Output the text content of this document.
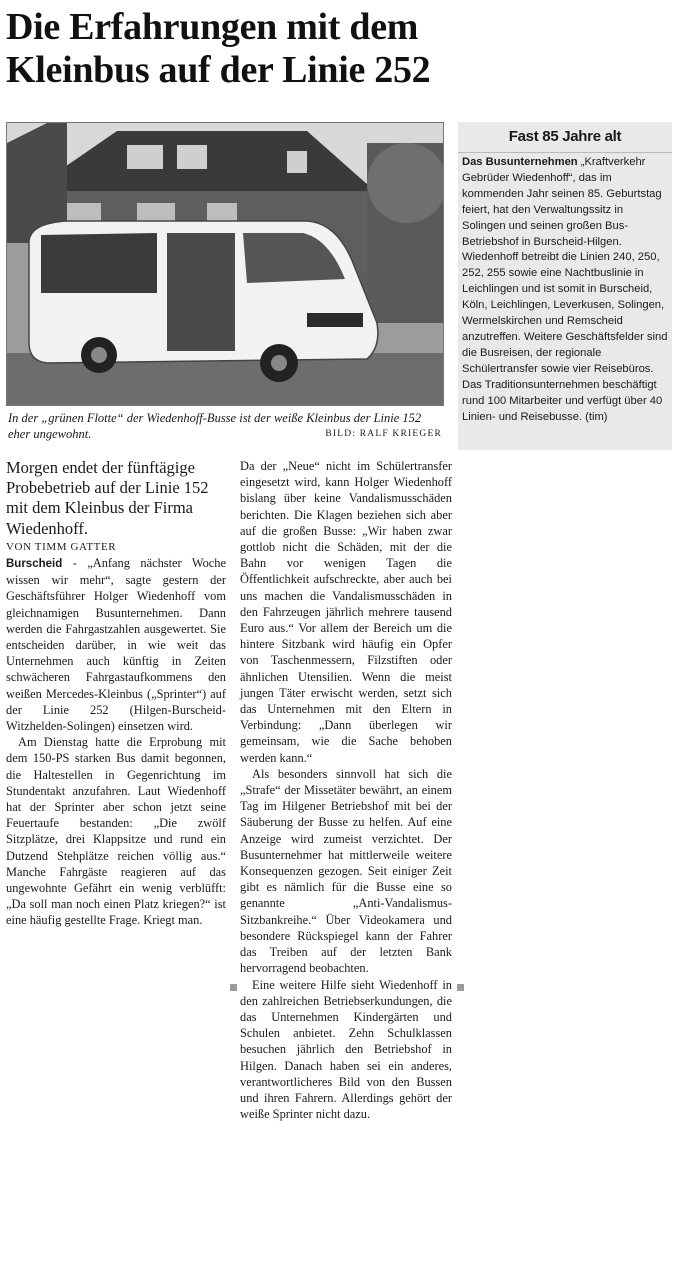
Die Erfahrungen mit dem Kleinbus auf der Linie 252
In der „grünen Flotte“ der Wiedenhoff-Busse ist der weiße Kleinbus der Linie 152 eher ungewohnt.	BILD: RALF KRIEGER
Fast 85 Jahre alt

Das Busunternehmen „Kraftverkehr Gebrüder Wiedenhoff“, das im kommenden Jahr seinen 85. Geburtstag feiert, hat den Verwaltungssitz in Solingen und seinen großen Bus-Betriebshof in Burscheid-Hilgen. Wiedenhoff betreibt die Linien 240, 250, 252, 255 sowie eine Nachtbuslinie in Leichlingen und ist somit in Burscheid, Köln, Leichlingen, Leverkusen, Solingen, Wermelskirchen und Remscheid anzutreffen. Weitere Geschäftsfelder sind die Busreisen, der regionale Schülertransfer sowie vier Reisebüros. Das Traditionsunternehmen beschäftigt rund 100 Mitarbeiter und verfügt über 40 Linien- und Reisebusse. (tim)

Morgen endet der fünftägige Probebetrieb auf der Linie 152 mit dem Kleinbus der Firma Wiedenhoff.

VON TIMM GATTER

Burscheid - „Anfang nächster Woche wissen wir mehr“, sagte gestern der Geschäftsführer Holger Wiedenhoff vom gleichnamigen Busunternehmen. Dann werden die Fahrgastzahlen ausgewertet. Sie entscheiden darüber, in wie weit das Unternehmen auch künftig in Zeiten schwächeren Fahrgastaufkommens den weißen Mercedes-Kleinbus („Sprinter“) auf der Linie 252 (Hilgen-Burscheid-Witzhelden-Solingen) einsetzen wird.

Am Dienstag hatte die Erprobung mit dem 150-PS starken Bus damit begonnen, die Haltestellen in Gegenrichtung im Stundentakt anzufahren. Laut Wiedenhoff hat der Sprinter aber schon jetzt seine Feuertaufe bestanden: „Die zwölf Sitzplätze, drei Klappsitze und rund ein Dutzend Stehplätze reichen völlig aus.“ Manche Fahrgäste reagieren auf das ungewohnte Gefährt ein wenig verblüfft: „Da soll man noch einen Platz kriegen?“ ist eine häufig gestellte Frage. Kriegt man.

Da der „Neue“ nicht im Schülertransfer eingesetzt wird, kann Holger Wiedenhoff bislang über keine Vandalismusschäden berichten. Die Klagen beziehen sich aber auf die großen Busse: „Wir haben zwar gottlob nicht die Schäden, mit der die Bahn vor wenigen Tagen die Öffentlichkeit aufschreckte, aber auch bei uns machen die Vandalismusschäden in den Fahrzeugen jährlich mehrere tausend Euro aus.“ Vor allem der Bereich um die hintere Sitzbank wird häufig ein Opfer von Taschenmessern, Filzstiften oder ähnlichen Utensilien. Wenn die meist jungen Täter erwischt werden, setzt sich das Unternehmen mit den Eltern in Verbindung: „Dann überlegen wir gemeinsam, wie die Sache behoben werden kann.“

Als besonders sinnvoll hat sich die „Strafe“ der Missetäter bewährt, an einem Tag im Hilgener Betriebshof mit bei der Säuberung der Busse zu helfen. Auf eine Anzeige wird zumeist verzichtet. Der Busunternehmer hat mittlerweile weitere Konsequenzen gezogen. Seit einiger Zeit gibt es nämlich für die Busse eine so genannte „Anti-Vandalismus-Sitzbankreihe.“ Über Videokamera und besondere Rückspiegel kann der Fahrer das Treiben auf der letzten Bank hervorragend beobachten.

Eine weitere Hilfe sieht Wiedenhoff in den zahlreichen Betriebserkundungen, die das Unternehmen Kindergärten und Schulen anbietet. Zehn Schulklassen besuchen jährlich den Betriebshof in Hilgen. Danach haben sei ein anderes, verantwortlicheres Bild von den Bussen und ihren Fahrern. Allerdings gehört der weiße Sprinter nicht dazu.
